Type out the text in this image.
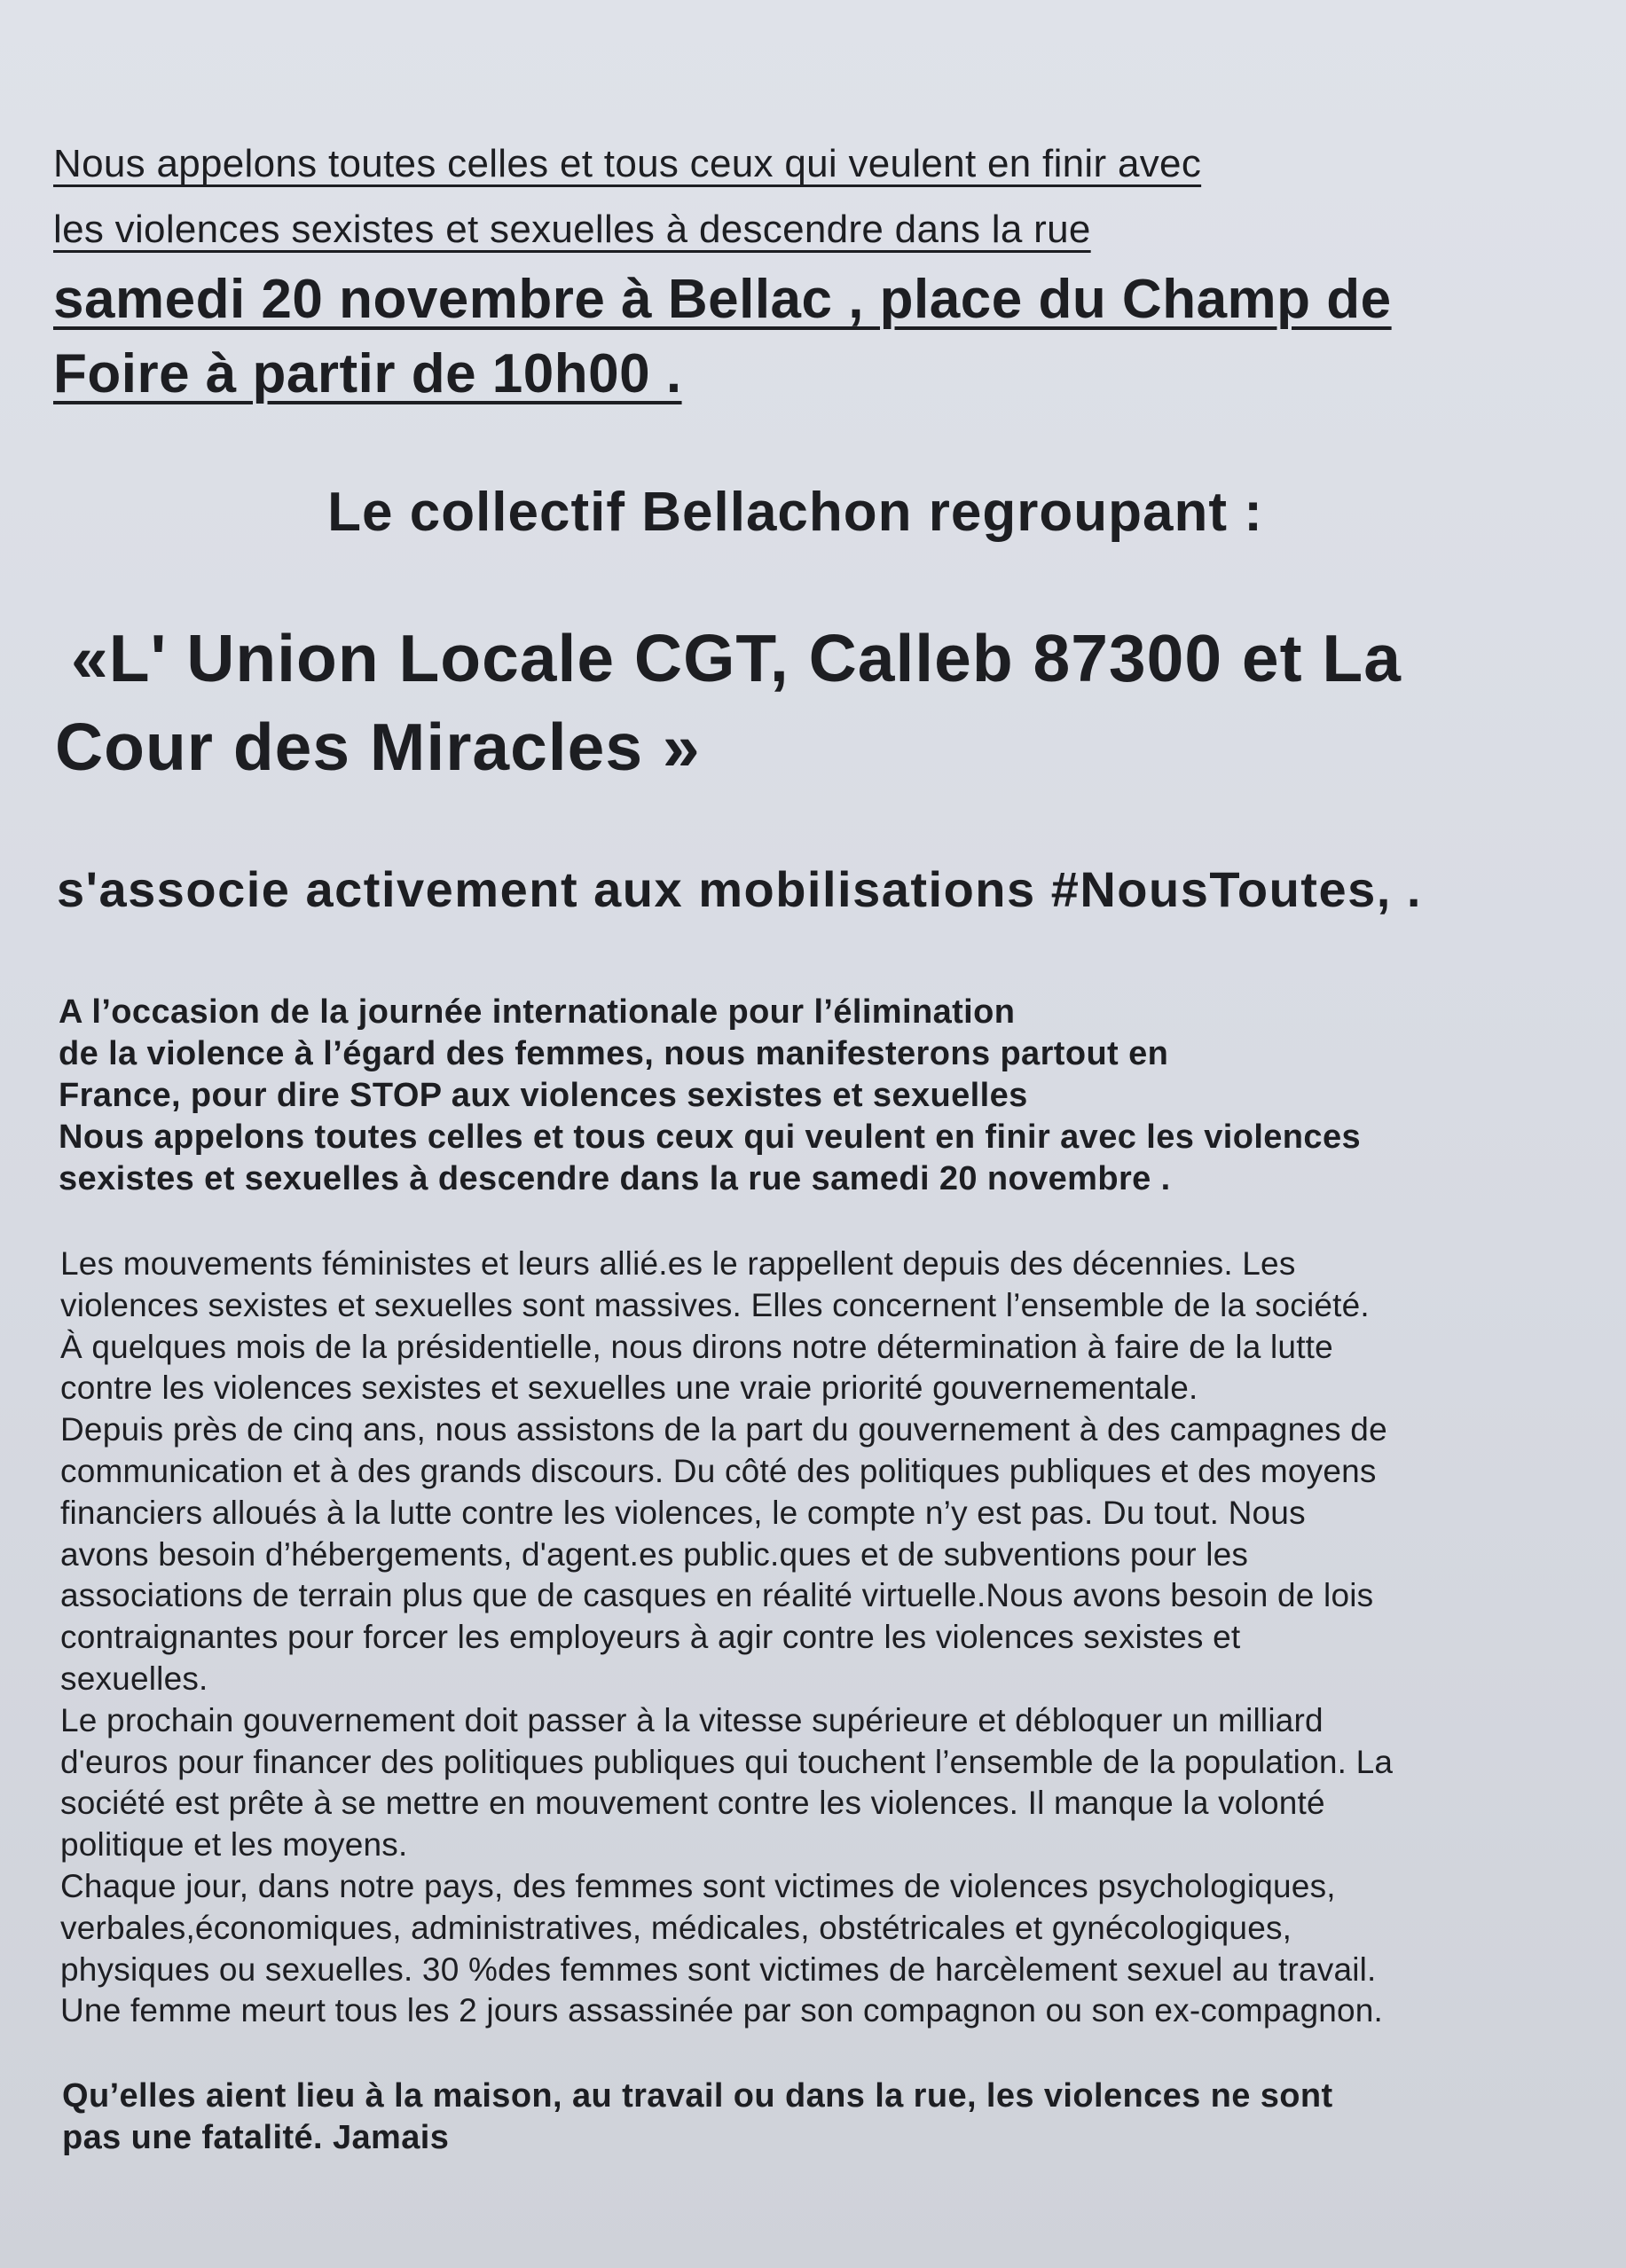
Nous appelons toutes celles et tous ceux qui veulent en finir avec
les violences sexistes et sexuelles à descendre dans la rue
samedi 20 novembre à Bellac , place du Champ de
Foire à partir de 10h00 .
Le collectif Bellachon regroupant :
«L' Union Locale CGT, Calleb 87300 et La
Cour des Miracles »
s'associe activement aux mobilisations #NousToutes, .
A l’occasion de la journée internationale pour l’élimination
de la violence à l’égard des femmes, nous manifesterons partout en
France, pour dire STOP aux violences sexistes et sexuelles
Nous appelons toutes celles et tous ceux qui veulent en finir avec les violences
sexistes et sexuelles à descendre dans la rue samedi 20 novembre .
Les mouvements féministes et leurs allié.es le rappellent depuis des décennies. Les
violences sexistes et sexuelles sont massives. Elles concernent l’ensemble de la société.
À quelques mois de la présidentielle, nous dirons notre détermination à faire de la lutte
contre les violences sexistes et sexuelles une vraie priorité gouvernementale.
Depuis près de cinq ans, nous assistons de la part du gouvernement à des campagnes de
communication et à des grands discours. Du côté des politiques publiques et des moyens
financiers alloués à la lutte contre les violences, le compte n’y est pas. Du tout. Nous
avons besoin d’hébergements, d'agent.es public.ques et de subventions pour les
associations de terrain plus que de casques en réalité virtuelle.Nous avons besoin de lois
contraignantes pour forcer les employeurs à agir contre les violences sexistes et
sexuelles.
Le prochain gouvernement doit passer à la vitesse supérieure et débloquer un milliard
d'euros pour financer des politiques publiques qui touchent l’ensemble de la population. La
société est prête à se mettre en mouvement contre les violences. Il manque la volonté
politique et les moyens.
Chaque jour, dans notre pays, des femmes sont victimes de violences psychologiques,
verbales,économiques, administratives, médicales, obstétricales et gynécologiques,
physiques ou sexuelles. 30 %des femmes sont victimes de harcèlement sexuel au travail.
Une femme meurt tous les 2 jours assassinée par son compagnon ou son ex-compagnon.
Qu’elles aient lieu à la maison, au travail ou dans la rue, les violences ne sont
pas une fatalité. Jamais
